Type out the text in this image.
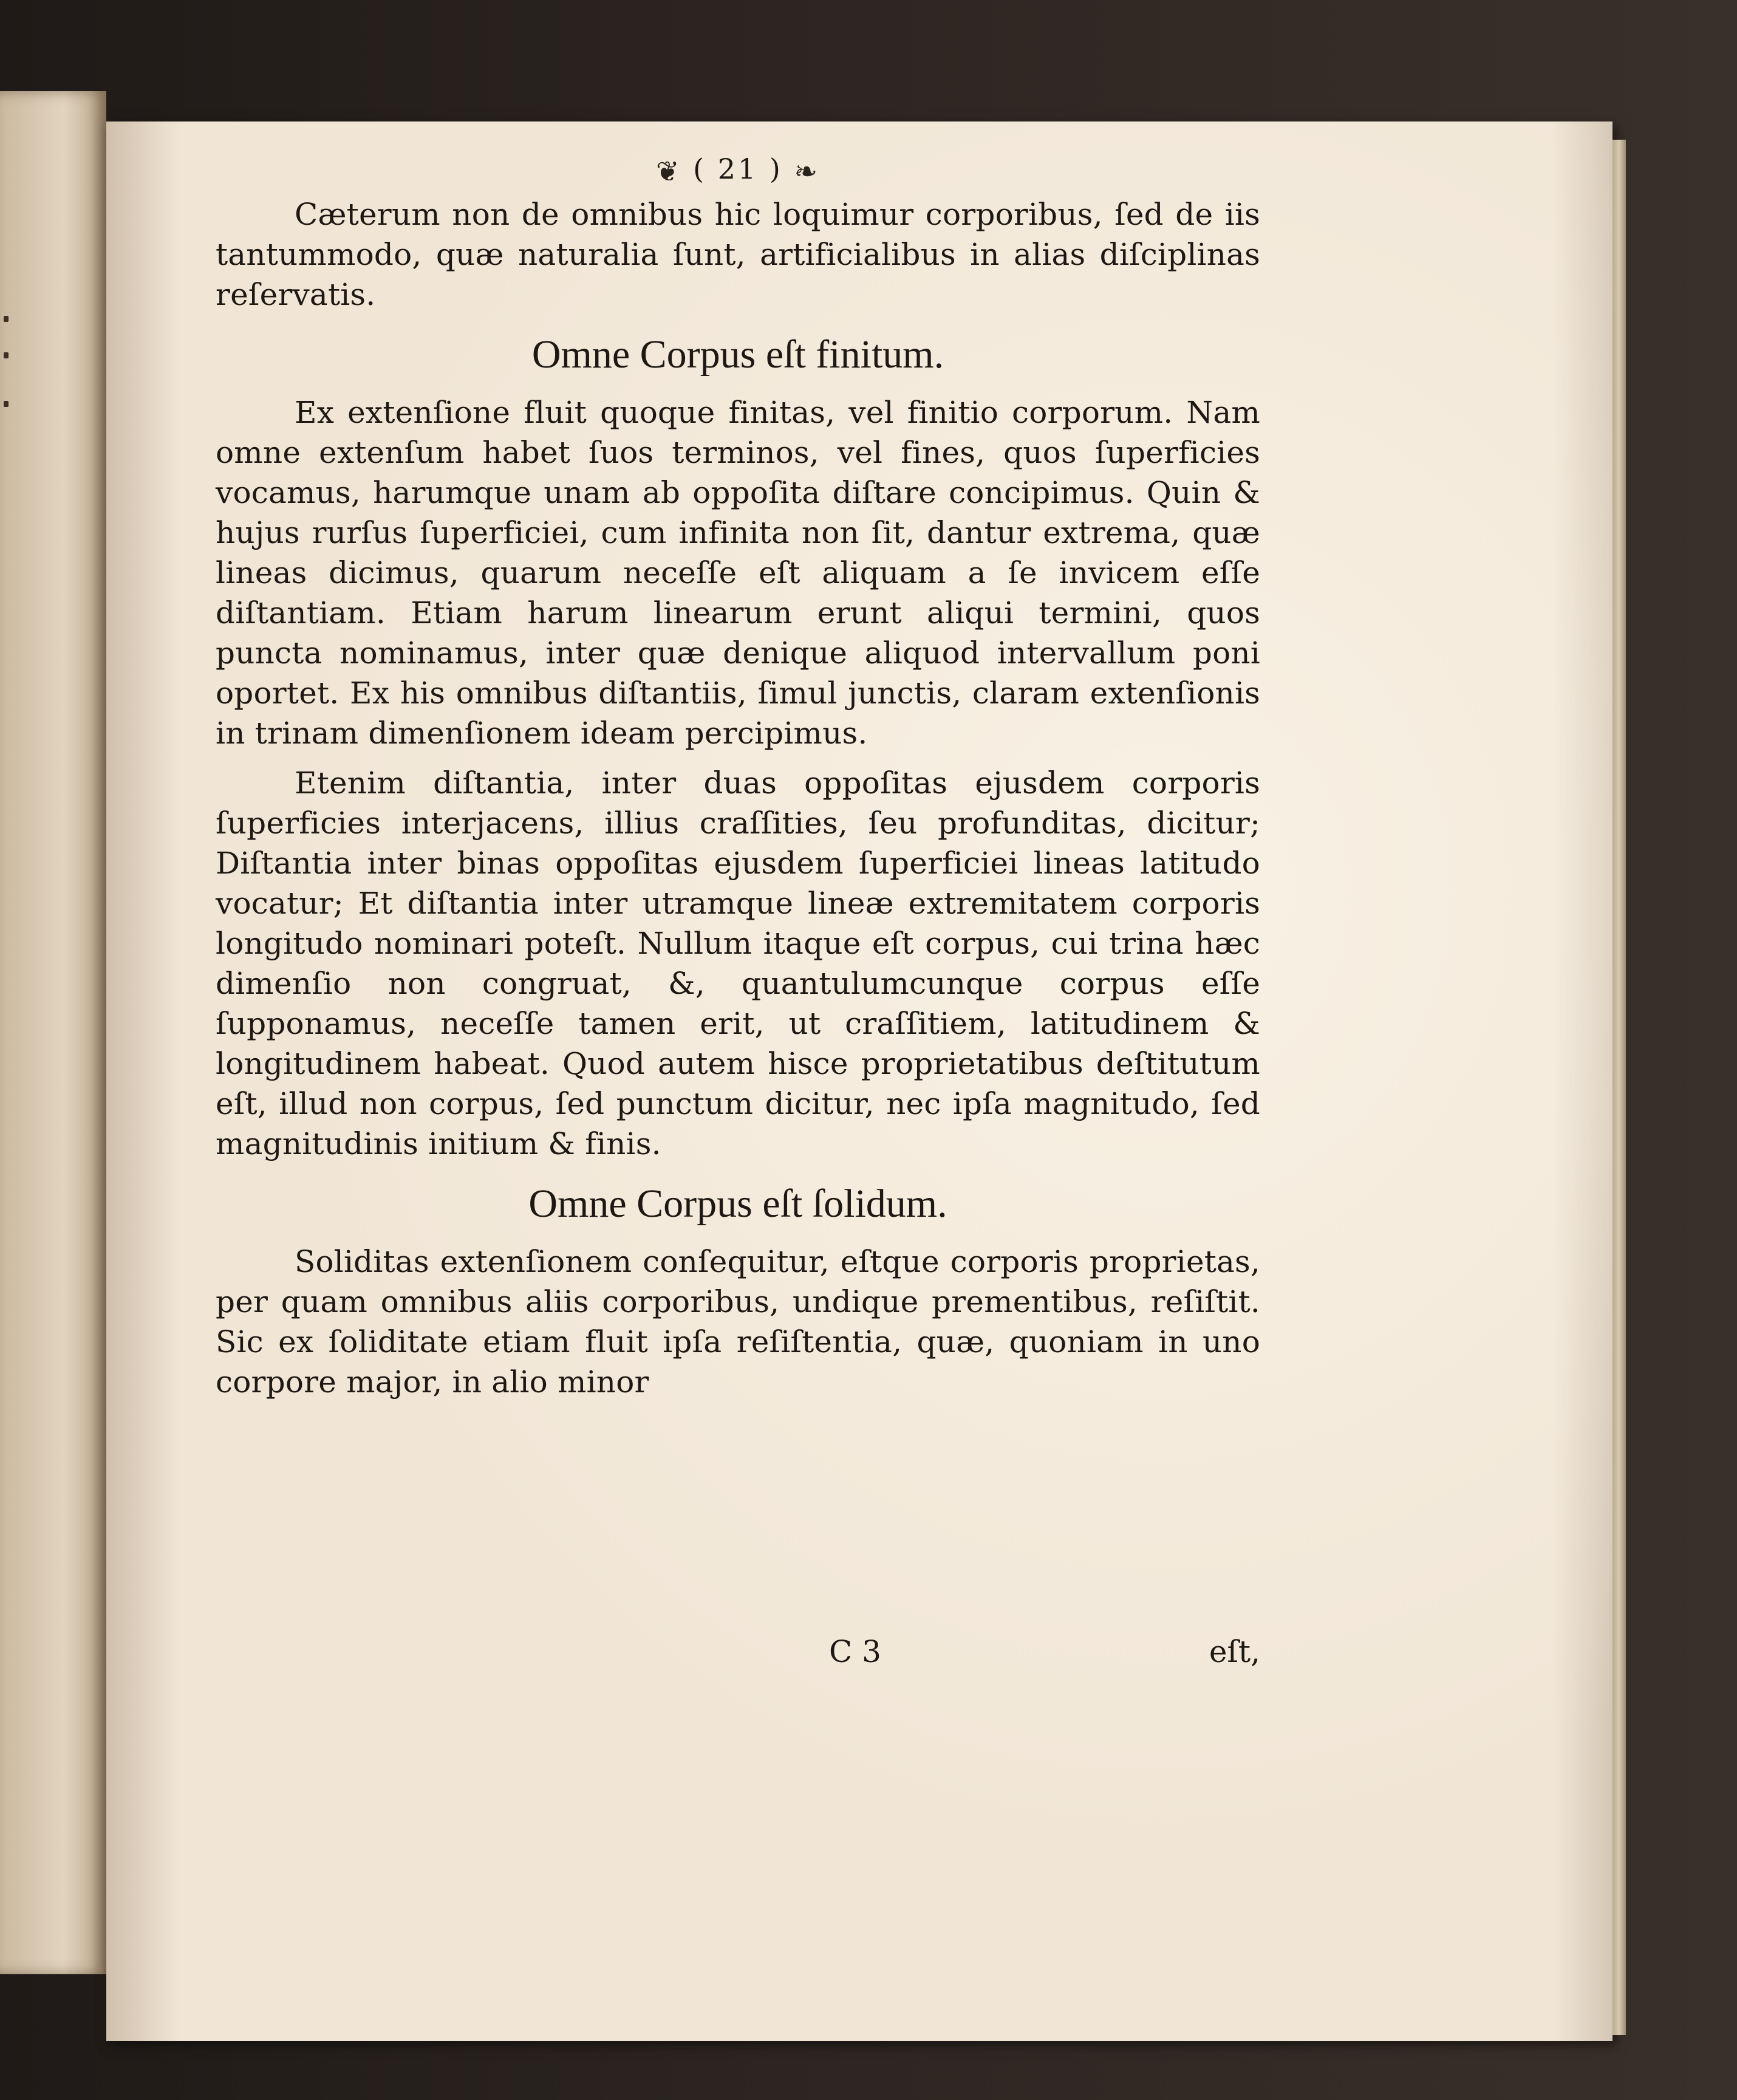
❦ ( 21 ) ❧

Cæterum non de omnibus hic loquimur corporibus, ſed de iis tantummodo, quæ naturalia ſunt, artificialibus in alias diſciplinas reſervatis.

Omne Corpus eſt finitum.

Ex extenſione fluit quoque finitas, vel finitio corporum. Nam omne extenſum habet ſuos terminos, vel fines, quos ſuperficies vocamus, harumque unam ab oppoſita diſtare concipimus. Quin & hujus rurſus ſuperficiei, cum infinita non ſit, dantur extrema, quæ lineas dicimus, quarum neceſſe eſt aliquam a ſe invicem eſſe diſtantiam. Etiam harum linearum erunt aliqui termini, quos puncta nominamus, inter quæ denique aliquod intervallum poni oportet. Ex his omnibus diſtantiis, ſimul junctis, claram extenſionis in trinam dimenſionem ideam percipimus.

Etenim diſtantia, inter duas oppoſitas ejusdem corporis ſuperficies interjacens, illius craſſities, ſeu profunditas, dicitur; Diſtantia inter binas oppoſitas ejusdem ſuperficiei lineas latitudo vocatur; Et diſtantia inter utramque lineæ extremitatem corporis longitudo nominari poteſt. Nullum itaque eſt corpus, cui trina hæc dimenſio non congruat, &, quantulumcunque corpus eſſe ſupponamus, neceſſe tamen erit, ut craſſitiem, latitudinem & longitudinem habeat. Quod autem hisce proprietatibus deſtitutum eſt, illud non corpus, ſed punctum dicitur, nec ipſa magnitudo, ſed magnitudinis initium & finis.

Omne Corpus eſt ſolidum.

Soliditas extenſionem conſequitur, eſtque corporis proprietas, per quam omnibus aliis corporibus, undique prementibus, reſiſtit. Sic ex ſoliditate etiam fluit ipſa reſiſtentia, quæ, quoniam in uno corpore major, in alio minor

C 3	eſt,
